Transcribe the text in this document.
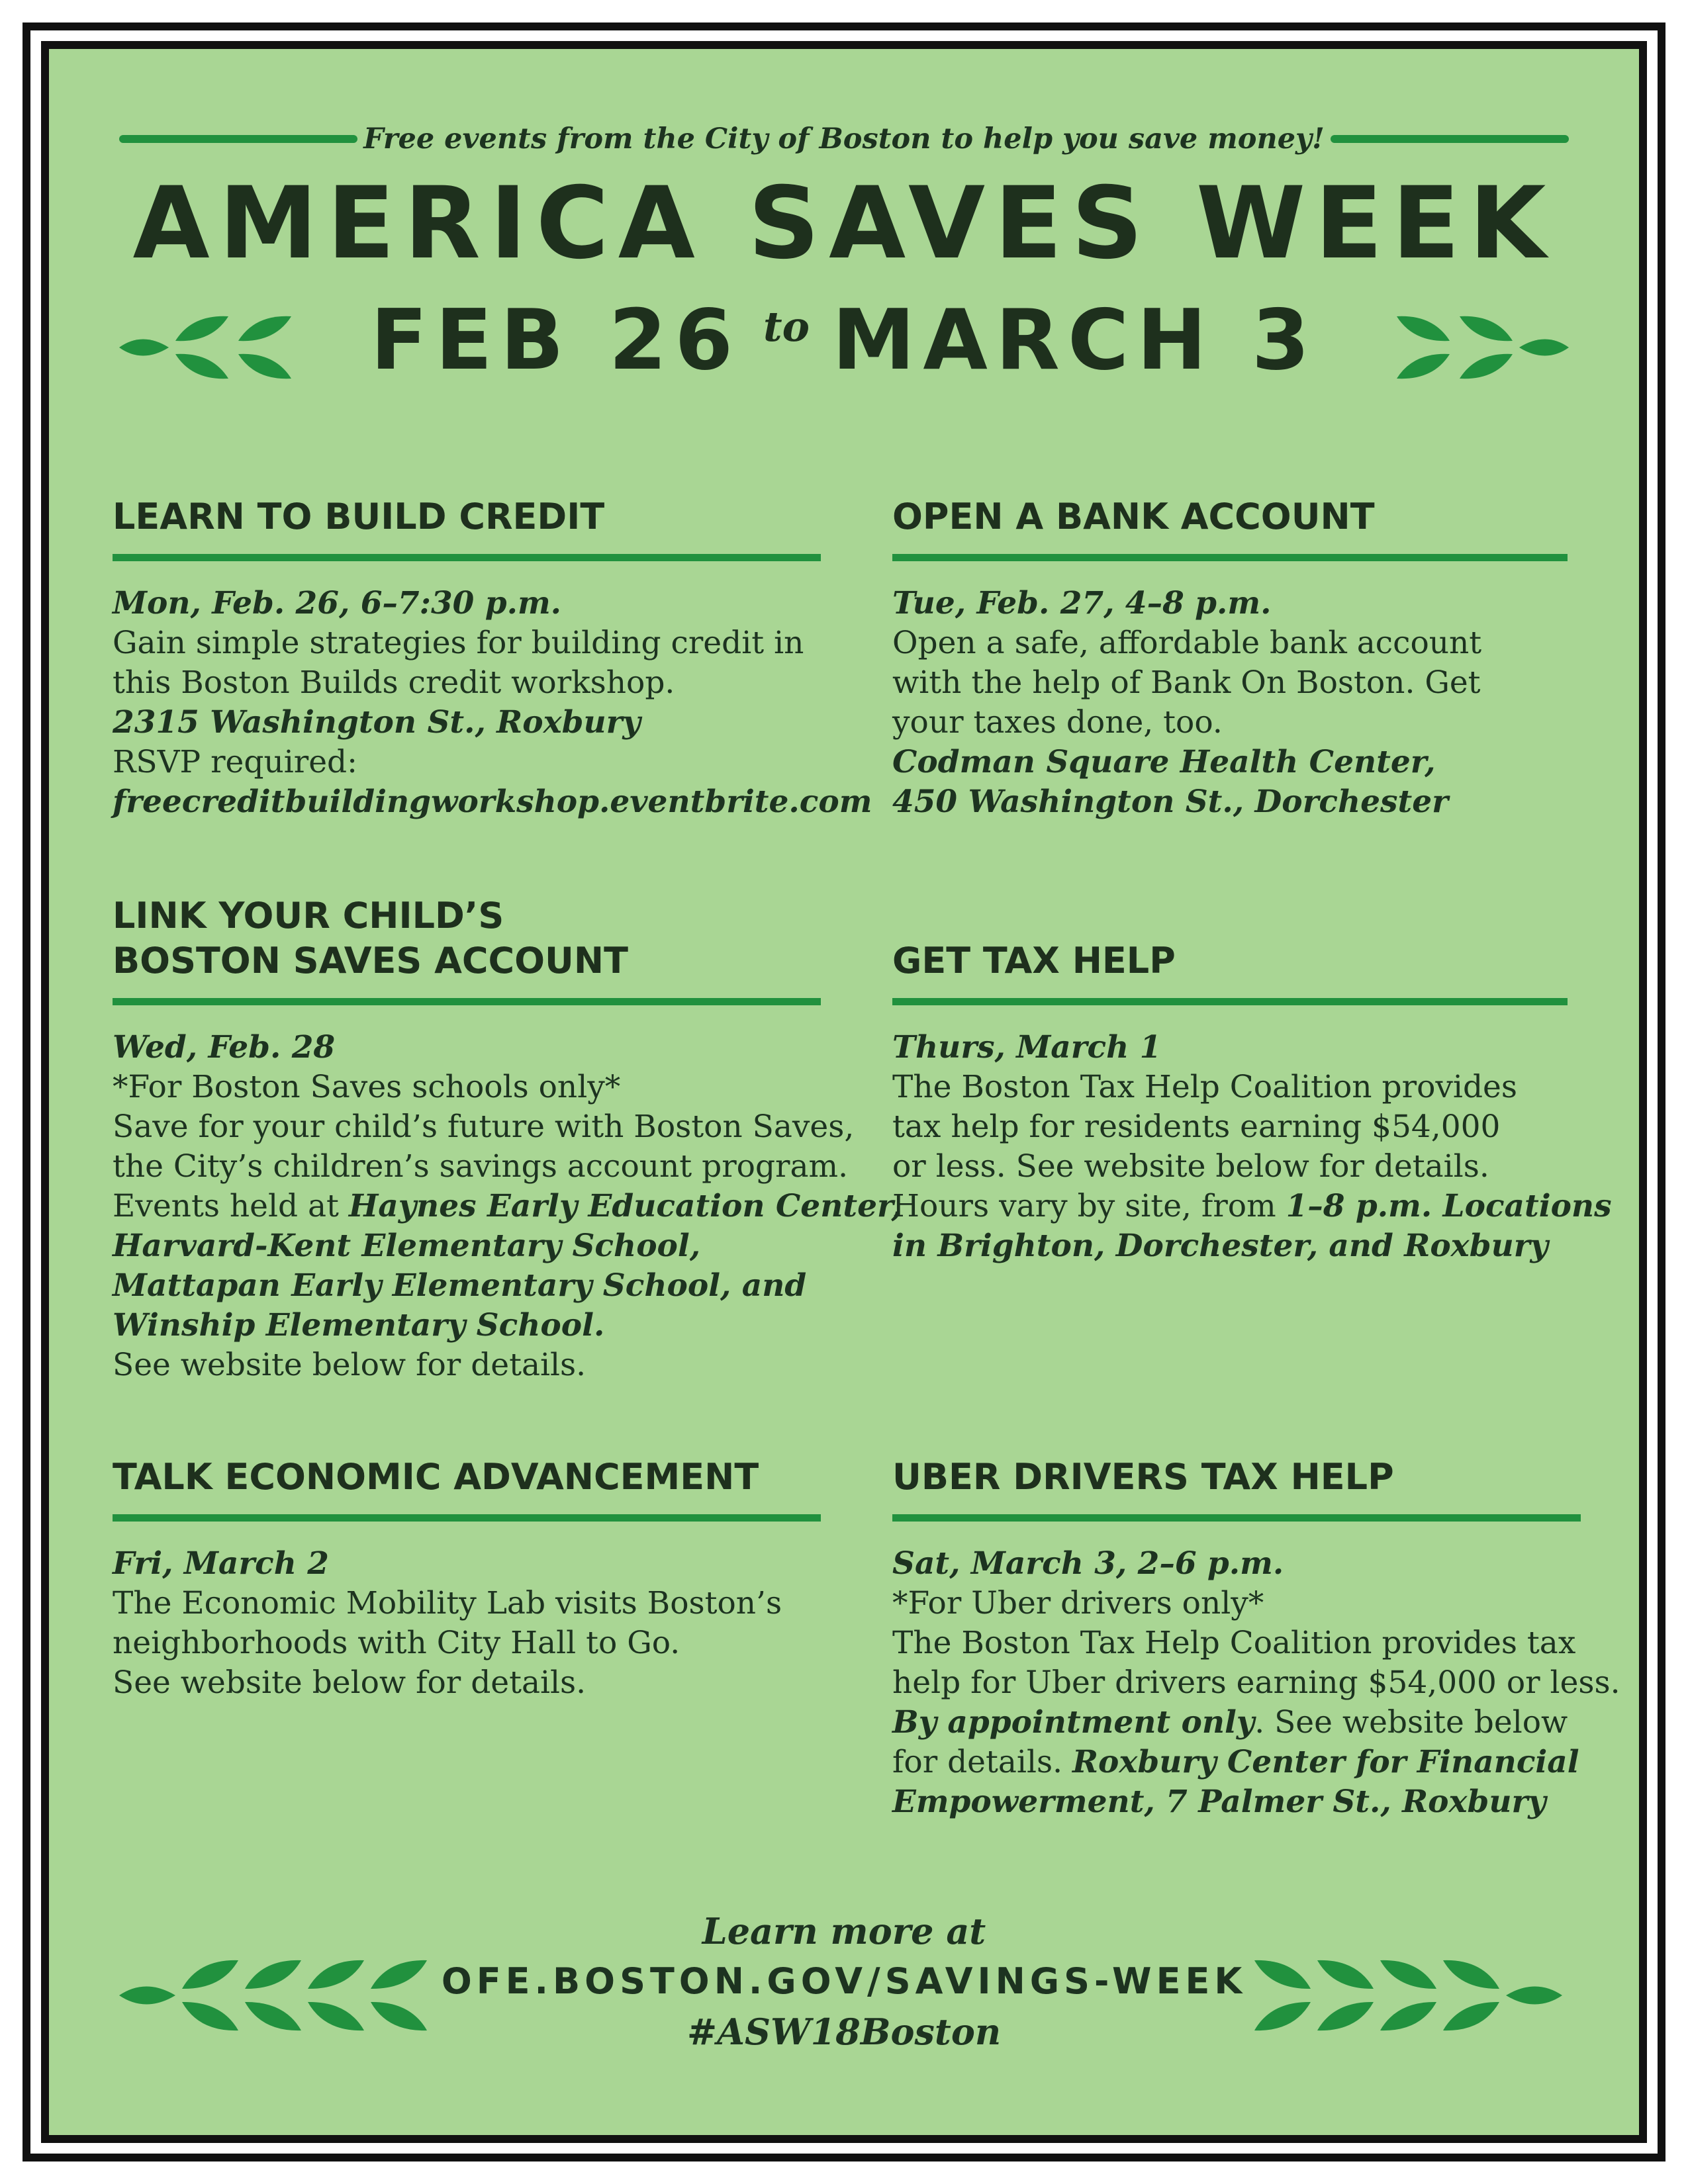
Free events from the City of Boston to help you save money!
AMERICA SAVES WEEK
FEB 26 to MARCH 3
LEARN TO BUILD CREDIT
Mon, Feb. 26, 6–7:30 p.m.
Gain simple strategies for building credit in
this Boston Builds credit workshop.
2315 Washington St., Roxbury
RSVP required:
freecreditbuildingworkshop.eventbrite.com
OPEN A BANK ACCOUNT
Tue, Feb. 27, 4–8 p.m.
Open a safe, affordable bank account
with the help of Bank On Boston. Get
your taxes done, too.
Codman Square Health Center,
450 Washington St., Dorchester
LINK YOUR CHILD’S
BOSTON SAVES ACCOUNT
Wed, Feb. 28
*For Boston Saves schools only*
Save for your child’s future with Boston Saves,
the City’s children’s savings account program.
Events held at Haynes Early Education Center,
Harvard-Kent Elementary School,
Mattapan Early Elementary School, and
Winship Elementary School.
See website below for details.
GET TAX HELP
Thurs, March 1
The Boston Tax Help Coalition provides
tax help for residents earning $54,000
or less. See website below for details.
Hours vary by site, from 1–8 p.m. Locations
in Brighton, Dorchester, and Roxbury
TALK ECONOMIC ADVANCEMENT
Fri, March 2
The Economic Mobility Lab visits Boston’s
neighborhoods with City Hall to Go.
See website below for details.
UBER DRIVERS TAX HELP
Sat, March 3, 2–6 p.m.
*For Uber drivers only*
The Boston Tax Help Coalition provides tax
help for Uber drivers earning $54,000 or less.
By appointment only. See website below
for details. Roxbury Center for Financial
Empowerment, 7 Palmer St., Roxbury
Learn more at
OFE.BOSTON.GOV/SAVINGS-WEEK
#ASW18Boston
